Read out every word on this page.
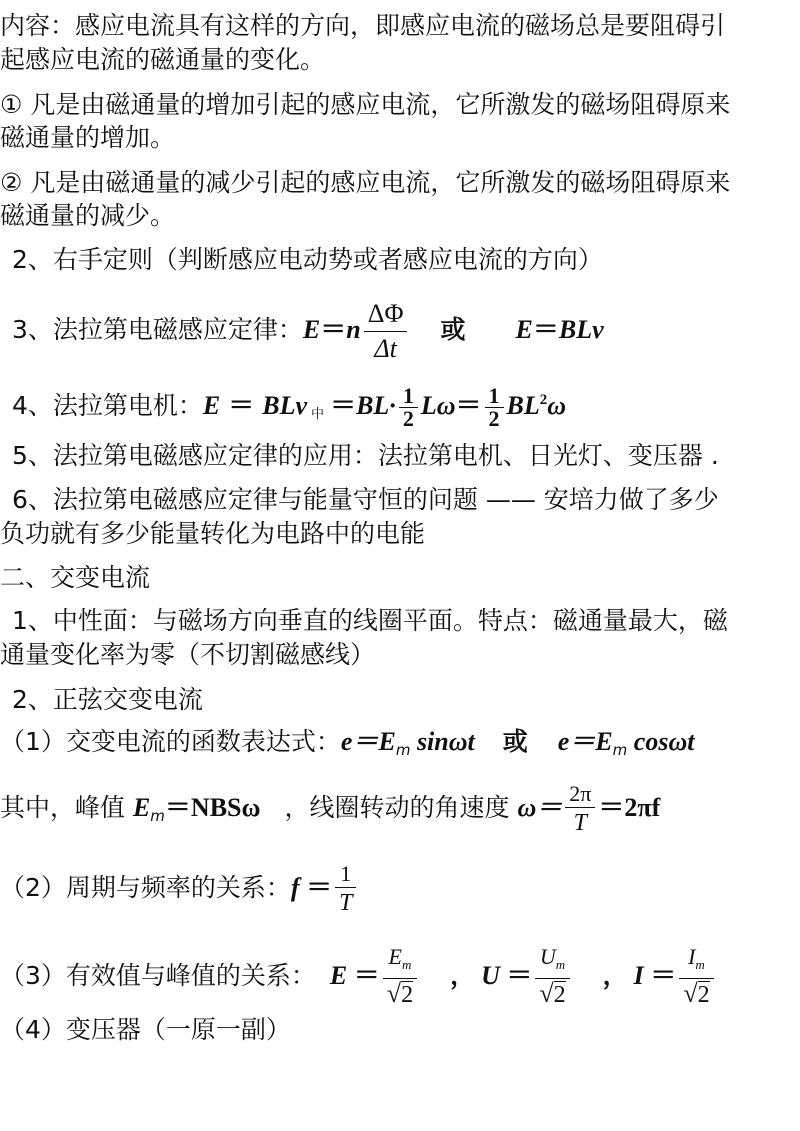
内容：感应电流具有这样的方向，即感应电流的磁场总是要阻碍引
起感应电流的磁通量的变化。
① 凡是由磁通量的增加引起的感应电流，它所激发的磁场阻碍原来
磁通量的增加。
② 凡是由磁通量的减少引起的感应电流，它所激发的磁场阻碍原来
磁通量的减少。
2、右手定则（判断感应电动势或者感应电流的方向）
3、法拉第电磁感应定律：$E=n \frac{\Delta\Phi}{\Delta t}$ 或 E＝BLv
4、法拉第电机：E ＝ BLv 中 $=BL\cdot \frac{1}{2} L\omega= \frac{1}{2} BL^2\omega$
5、法拉第电磁感应定律的应用：法拉第电机、日光灯、变压器 .
6、法拉第电磁感应定律与能量守恒的问题 —— 安培力做了多少
负功就有多少能量转化为电路中的电能
二、交变电流
1、中性面：与磁场方向垂直的线圈平面。特点：磁通量最大，磁
通量变化率为零（不切割磁感线）
2、正弦交变电流
（1）交变电流的函数表达式：$e=E_m$ sinωt 或 $e=E_m$ cosωt
其中，峰值 $E_m=NBS\omega$ ，线圈转动的角速度 $\omega= \frac{2\pi}{T} =2\pi f$
（2）周期与频率的关系：$f = \frac{1}{T}$
（3）有效值与峰值的关系： $E = \frac{E_m}{√2}$ ， $U = \frac{U_m}{√2}$ ， $I = \frac{I_m}{√2}$
（4）变压器（一原一副）
